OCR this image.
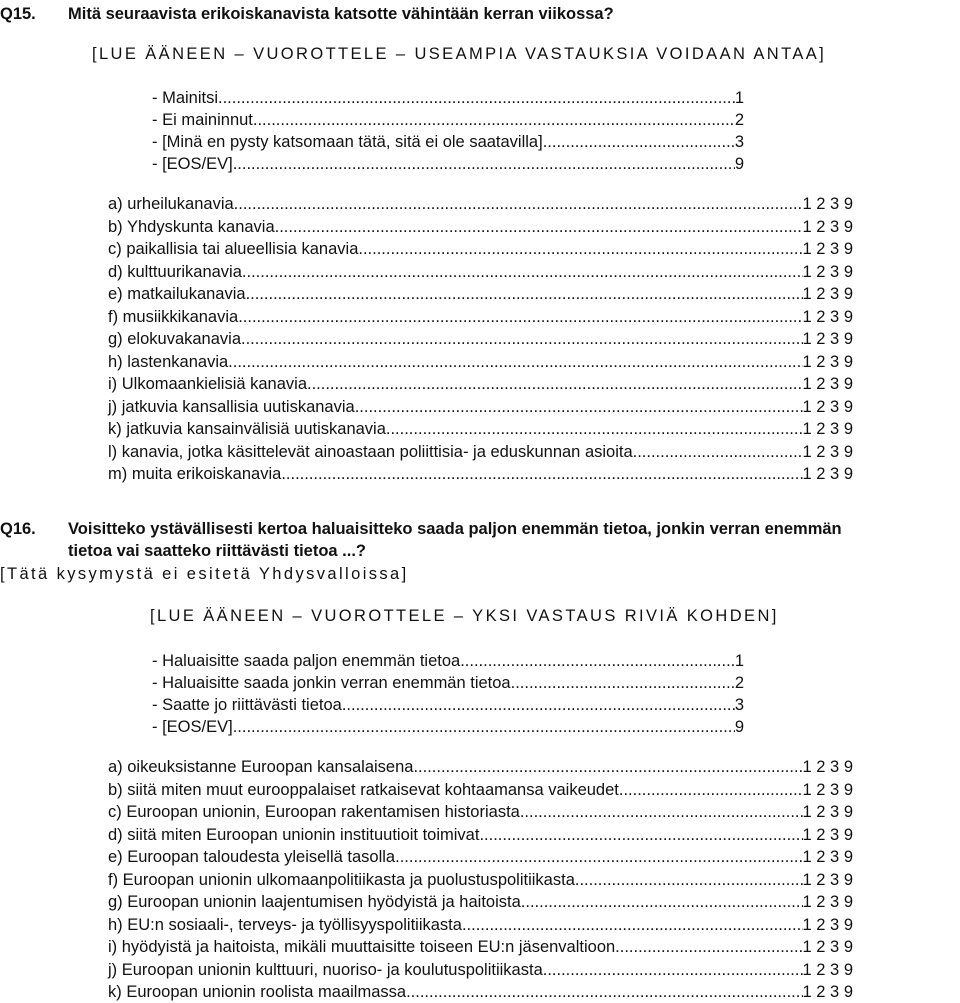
Q15. Mitä seuraavista erikoiskanavista katsotte vähintään kerran viikossa?
[LUE ÄÄNEEN – VUOROTTELE – USEAMPIA VASTAUKSIA VOIDAAN ANTAA]
- Mainitsi .....	1
- Ei maininnut .....	2
- [Minä en pysty katsomaan tätä, sitä ei ole saatavilla] .....	3
- [EOS/EV] .....	9
a) urheilukanavia .....	1 2 3 9
b) Yhdyskunta kanavia .....	1 2 3 9
c) paikallisia tai alueellisia kanavia .....	1 2 3 9
d) kulttuurikanavia .....	1 2 3 9
e) matkailukanavia .....	1 2 3 9
f) musiikkikanavia .....	1 2 3 9
g) elokuvakanavia .....	1 2 3 9
h) lastenkanavia .....	1 2 3 9
i) Ulkomaankielisiä kanavia .....	1 2 3 9
j) jatkuvia kansallisia uutiskanavia .....	1 2 3 9
k) jatkuvia kansainvälisiä uutiskanavia .....	1 2 3 9
l) kanavia, jotka käsittelevät ainoastaan poliittisia- ja eduskunnan asioita .....	1 2 3 9
m) muita erikoiskanavia .....	1 2 3 9
Q16. Voisitteko ystävällisesti kertoa haluaisitteko saada paljon enemmän tietoa, jonkin verran enemmän
tietoa vai saatteko riittävästi tietoa ...?
[Tätä kysymystä ei esitetä Yhdysvalloissa]
[LUE ÄÄNEEN – VUOROTTELE – YKSI VASTAUS RIVIÄ KOHDEN]
- Haluaisitte saada paljon enemmän tietoa .....	1
- Haluaisitte saada jonkin verran enemmän tietoa .....	2
- Saatte jo riittävästi tietoa .....	3
- [EOS/EV] .....	9
a) oikeuksistanne Euroopan kansalaisena .....	1 2 3 9
b) siitä miten muut eurooppalaiset ratkaisevat kohtaamansa vaikeudet .....	1 2 3 9
c) Euroopan unionin, Euroopan rakentamisen historiasta .....	1 2 3 9
d) siitä miten Euroopan unionin instituutioit toimivat .....	1 2 3 9
e) Euroopan taloudesta yleisellä tasolla .....	1 2 3 9
f) Euroopan unionin ulkomaanpolitiikasta ja puolustuspolitiikasta .....	1 2 3 9
g) Euroopan unionin laajentumisen hyödyistä ja haitoista .....	1 2 3 9
h) EU:n sosiaali-, terveys- ja työllisyyspolitiikasta .....	1 2 3 9
i) hyödyistä ja haitoista, mikäli muuttaisitte toiseen EU:n jäsenvaltioon .....	1 2 3 9
j) Euroopan unionin kulttuuri, nuoriso- ja koulutuspolitiikasta .....	1 2 3 9
k) Euroopan unionin roolista maailmassa .....	1 2 3 9
